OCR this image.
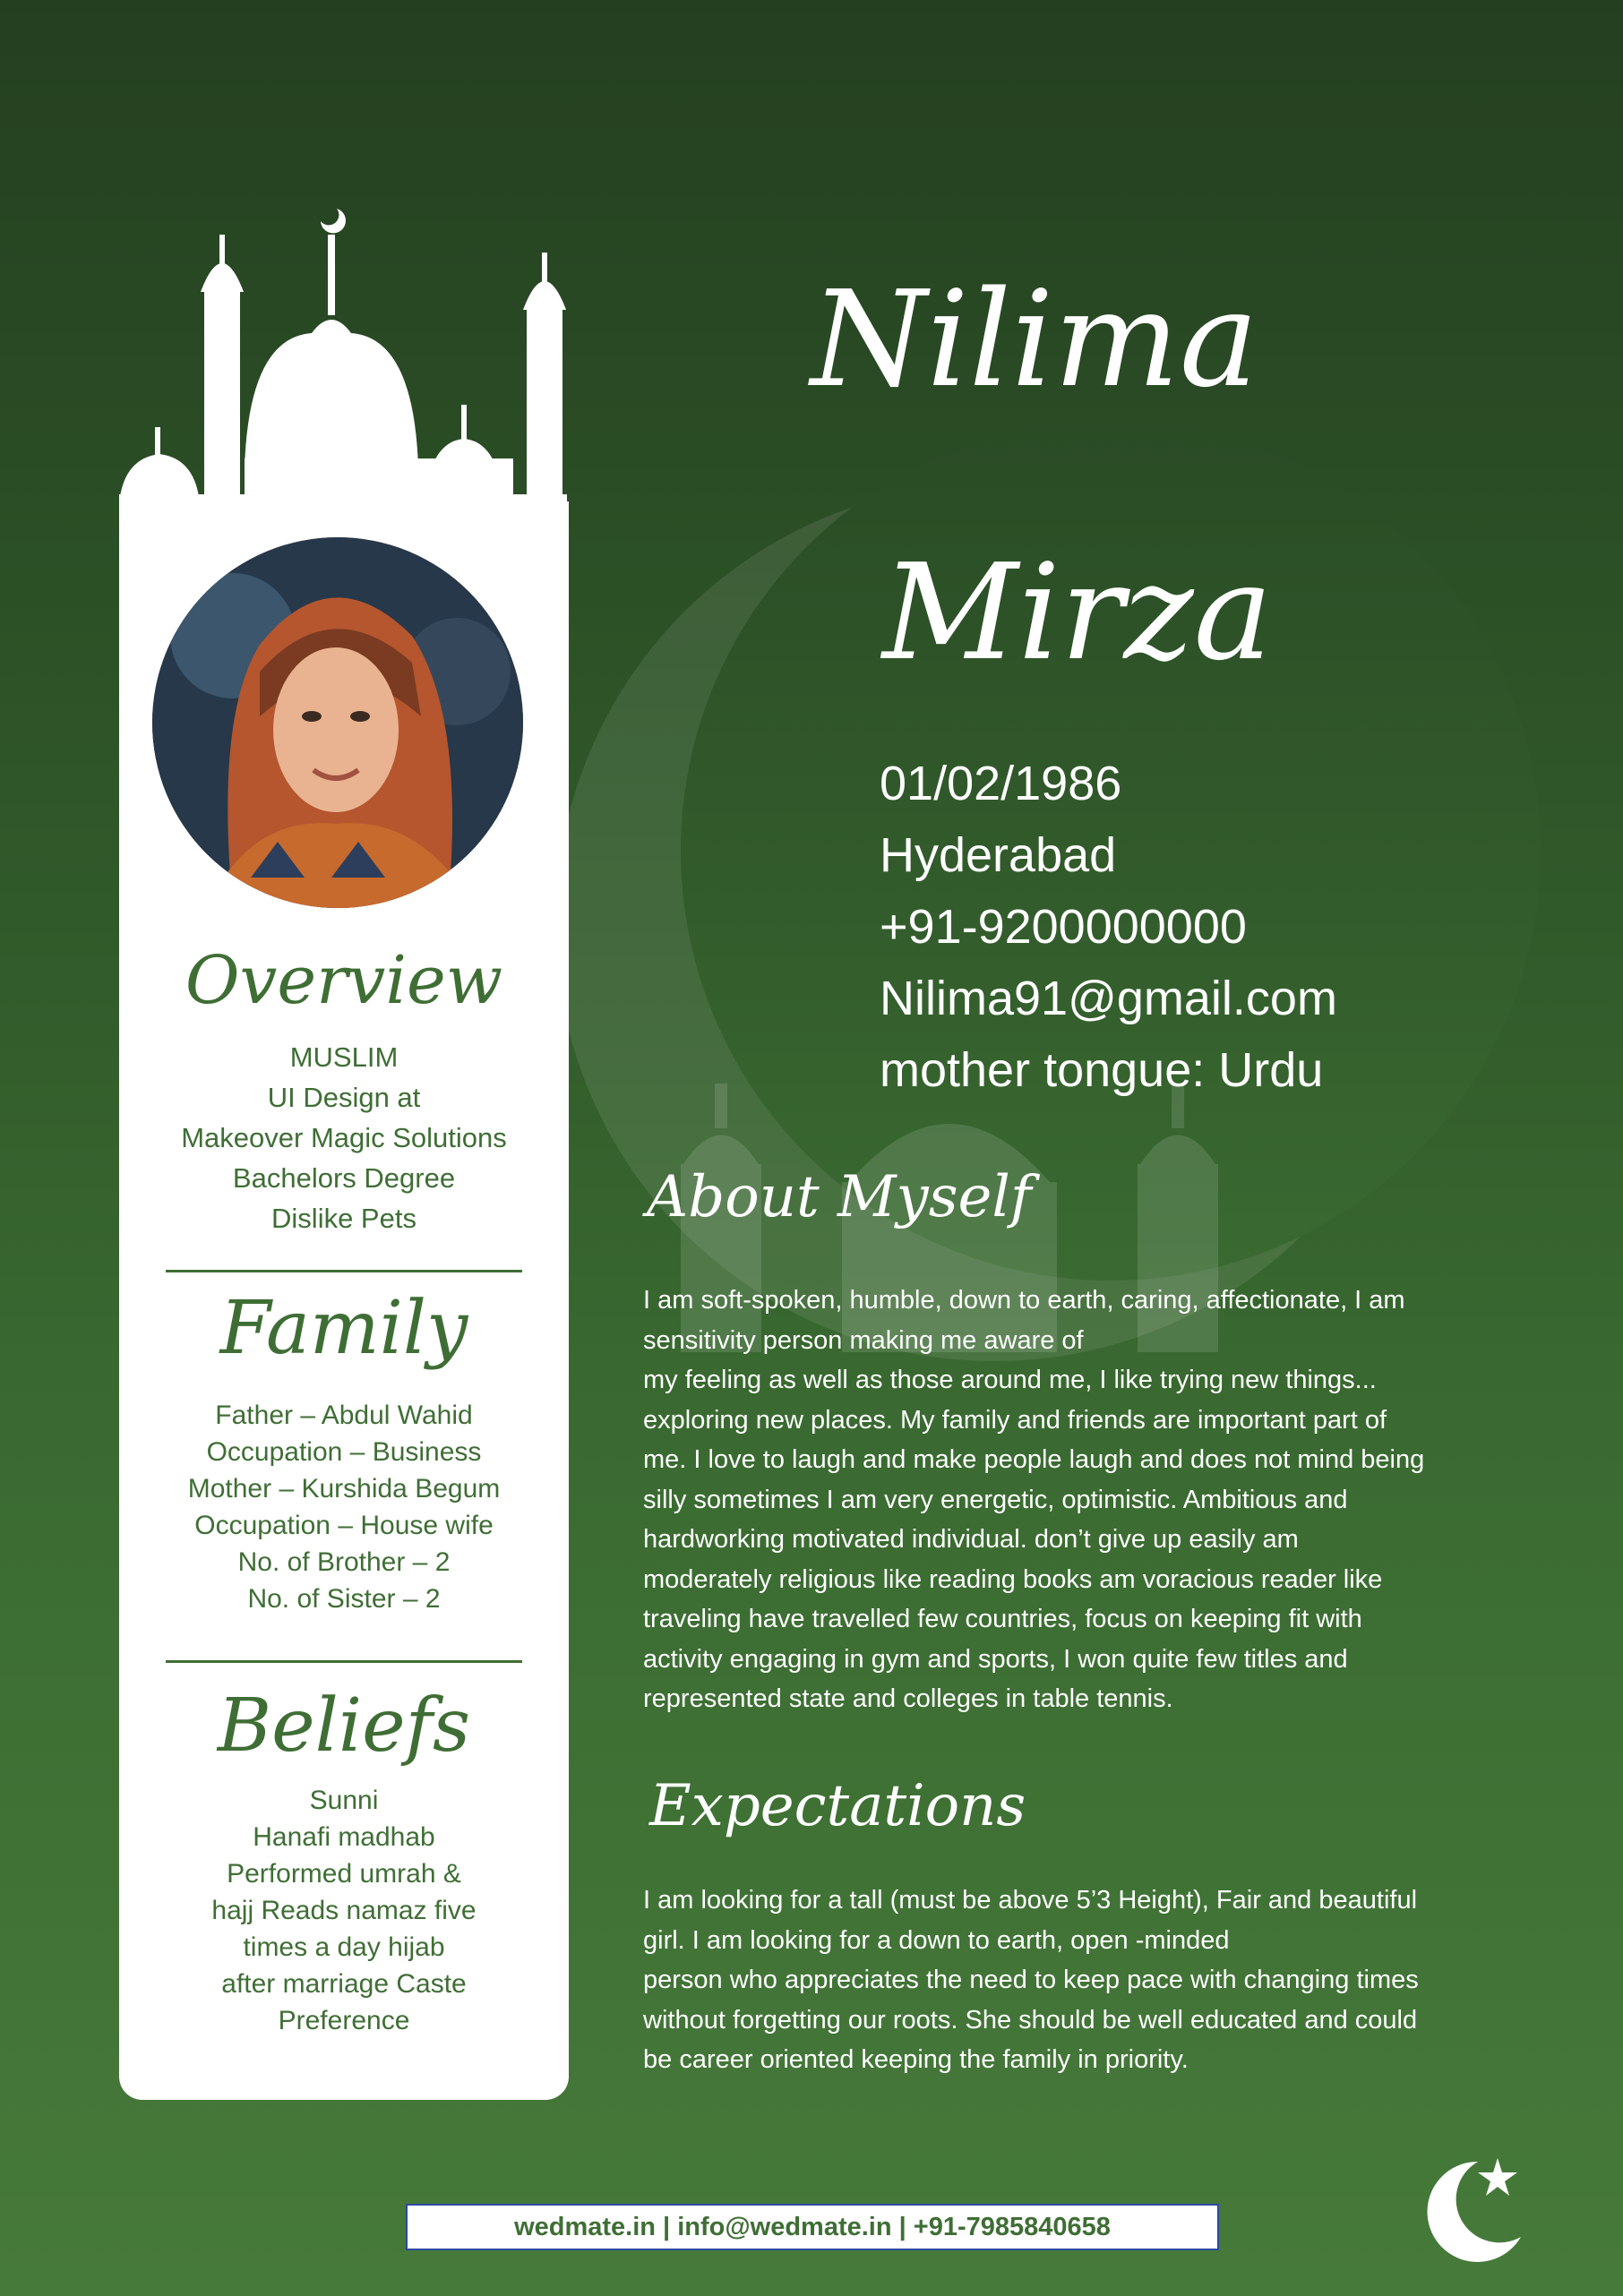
Overview
MUSLIM
UI Design at
Makeover Magic Solutions
Bachelors Degree
Dislike Pets
Family
Father – Abdul Wahid
Occupation – Business
Mother – Kurshida Begum
Occupation – House wife
No. of Brother – 2
No. of Sister – 2
Beliefs
Sunni
Hanafi madhab
Performed umrah &
hajj Reads namaz five
times a day hijab
after marriage Caste
Preference
Nilima
Mirza
01/02/1986
Hyderabad
+91-9200000000
Nilima91@gmail.com
mother tongue: Urdu
About Myself
I am soft-spoken, humble, down to earth, caring, affectionate, I am
sensitivity person making me aware of
my feeling as well as those around me, I like trying new things...
exploring new places. My family and friends are important part of
me. I love to laugh and make people laugh and does not mind being
silly sometimes I am very energetic, optimistic. Ambitious and
hardworking motivated individual. don’t give up easily am
moderately religious like reading books am voracious reader like
traveling have travelled few countries, focus on keeping fit with
activity engaging in gym and sports, I won quite few titles and
represented state and colleges in table tennis.
Expectations
I am looking for a tall (must be above 5’3 Height), Fair and beautiful
girl. I am looking for a down to earth, open -minded
person who appreciates the need to keep pace with changing times
without forgetting our roots. She should be well educated and could
be career oriented keeping the family in priority.
wedmate.in | info@wedmate.in | +91-7985840658
